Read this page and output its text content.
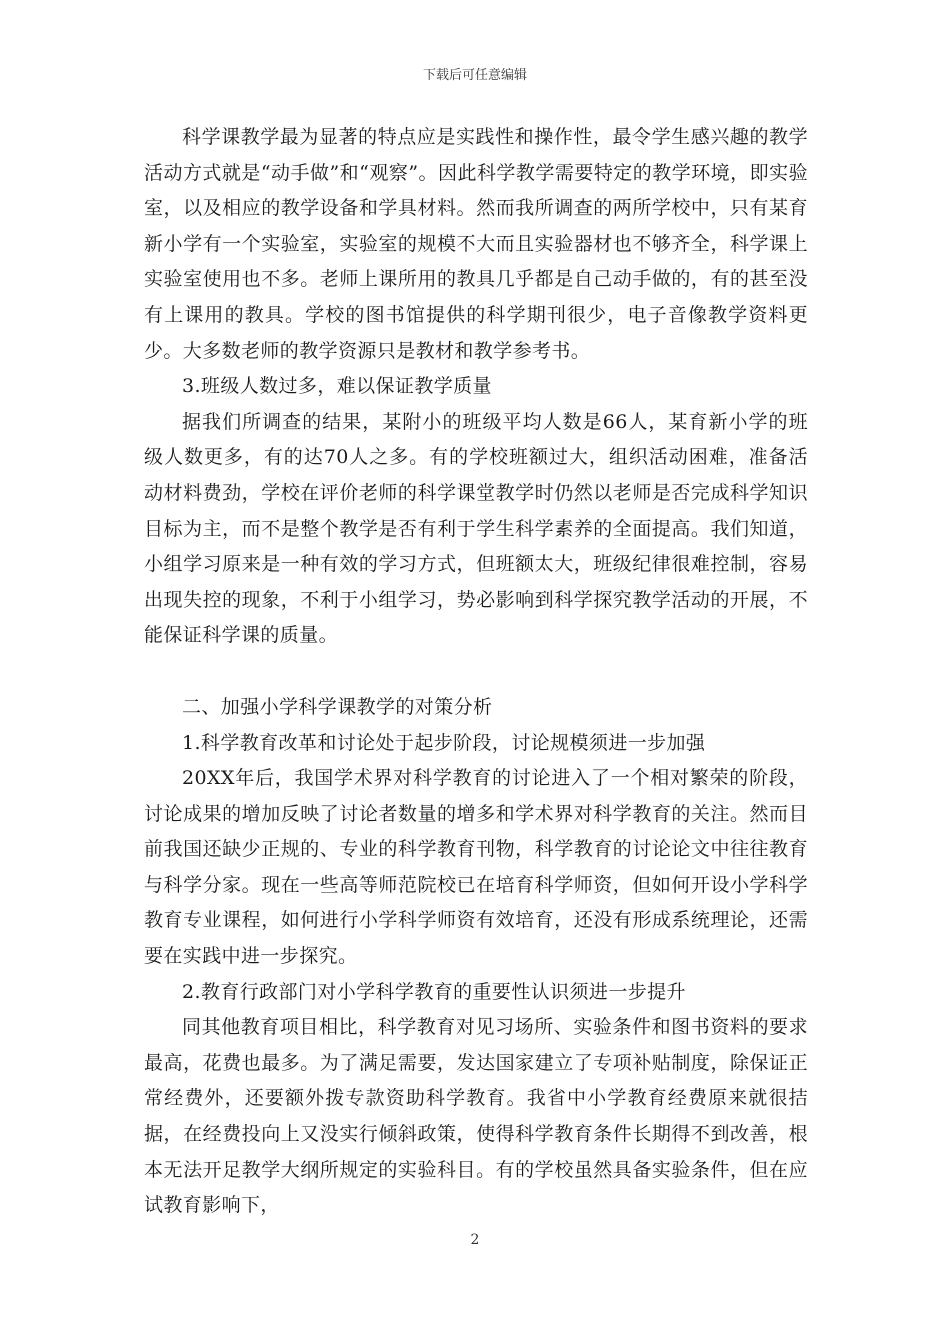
下载后可任意编辑

科学课教学最为显著的特点应是实践性和操作性，最令学生感兴趣的教学活动方式就是“动手做”和“观察”。因此科学教学需要特定的教学环境，即实验室，以及相应的教学设备和学具材料。然而我所调查的两所学校中，只有某育新小学有一个实验室，实验室的规模不大而且实验器材也不够齐全，科学课上实验室使用也不多。老师上课所用的教具几乎都是自己动手做的，有的甚至没有上课用的教具。学校的图书馆提供的科学期刊很少，电子音像教学资料更少。大多数老师的教学资源只是教材和教学参考书。

3.班级人数过多，难以保证教学质量

据我们所调查的结果，某附小的班级平均人数是66人，某育新小学的班级人数更多，有的达70人之多。有的学校班额过大，组织活动困难，准备活动材料费劲，学校在评价老师的科学课堂教学时仍然以老师是否完成科学知识目标为主，而不是整个教学是否有利于学生科学素养的全面提高。我们知道，小组学习原来是一种有效的学习方式，但班额太大，班级纪律很难控制，容易出现失控的现象，不利于小组学习，势必影响到科学探究教学活动的开展，不能保证科学课的质量。

二、加强小学科学课教学的对策分析

1.科学教育改革和讨论处于起步阶段，讨论规模须进一步加强

20XX年后，我国学术界对科学教育的讨论进入了一个相对繁荣的阶段，讨论成果的增加反映了讨论者数量的增多和学术界对科学教育的关注。然而目前我国还缺少正规的、专业的科学教育刊物，科学教育的讨论论文中往往教育与科学分家。现在一些高等师范院校已在培育科学师资，但如何开设小学科学教育专业课程，如何进行小学科学师资有效培育，还没有形成系统理论，还需要在实践中进一步探究。

2.教育行政部门对小学科学教育的重要性认识须进一步提升

同其他教育项目相比，科学教育对见习场所、实验条件和图书资料的要求最高，花费也最多。为了满足需要，发达国家建立了专项补贴制度，除保证正常经费外，还要额外拨专款资助科学教育。我省中小学教育经费原来就很拮据，在经费投向上又没实行倾斜政策，使得科学教育条件长期得不到改善，根本无法开足教学大纲所规定的实验科目。有的学校虽然具备实验条件，但在应试教育影响下，

2
